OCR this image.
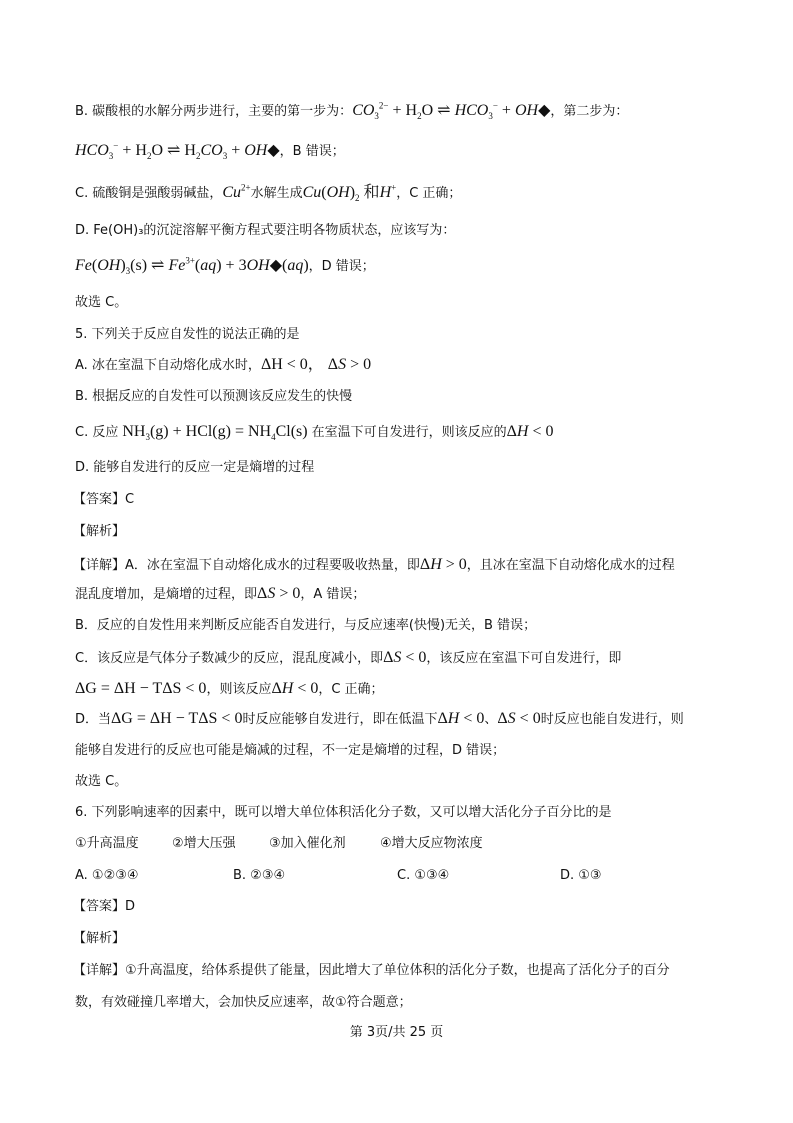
B. 碳酸根的水解分两步进行，主要的第一步为：$CO_3^{2-} + H_2O$ ⇌ $HCO_3^-$ + OH◆，第二步为：
$HCO_3^- + H_2O$ ⇌ $H_2CO_3$ + OH◆，B 错误；
C. 硫酸铜是强酸弱碱盐，$Cu^{2+}$水解生成$Cu(OH)_2$ 和H+，C 正确；
D. Fe(OH)₃的沉淀溶解平衡方程式要注明各物质状态，应该写为：
$Fe(OH)_3(s)$ ⇌ $Fe^{3+}(aq)$ + 3OH◆(aq)，D 错误；
故选 C。
5. 下列关于反应自发性的说法正确的是
A. 冰在室温下自动熔化成水时，ΔH < 0， ΔS > 0
B. 根据反应的自发性可以预测该反应发生的快慢
C. 反应 $NH_3(g) + HCl(g) = NH_4Cl(s)$ 在室温下可自发进行，则该反应的ΔH < 0
D. 能够自发进行的反应一定是熵增的过程
【答案】C
【解析】
【详解】A．冰在室温下自动熔化成水的过程要吸收热量，即ΔH > 0，且冰在室温下自动熔化成水的过程
混乱度增加，是熵增的过程，即ΔS > 0，A 错误；
B．反应的自发性用来判断反应能否自发进行，与反应速率(快慢)无关，B 错误；
C．该反应是气体分子数减少的反应，混乱度减小，即ΔS < 0，该反应在室温下可自发进行，即
ΔG = ΔH − TΔS < 0，则该反应ΔH < 0，C 正确；
D．当ΔG = ΔH − TΔS < 0时反应能够自发进行，即在低温下ΔH < 0、ΔS < 0时反应也能自发进行，则
能够自发进行的反应也可能是熵减的过程，不一定是熵增的过程，D 错误；
故选 C。
6. 下列影响速率的因素中，既可以增大单位体积活化分子数，又可以增大活化分子百分比的是
①升高温度	②增大压强	③加入催化剂	④增大反应物浓度
A. ①②③④	B. ②③④	C. ①③④	D. ①③
【答案】D
【解析】
【详解】①升高温度，给体系提供了能量，因此增大了单位体积的活化分子数，也提高了活化分子的百分
数，有效碰撞几率增大，会加快反应速率，故①符合题意；
第 3页/共 25 页
